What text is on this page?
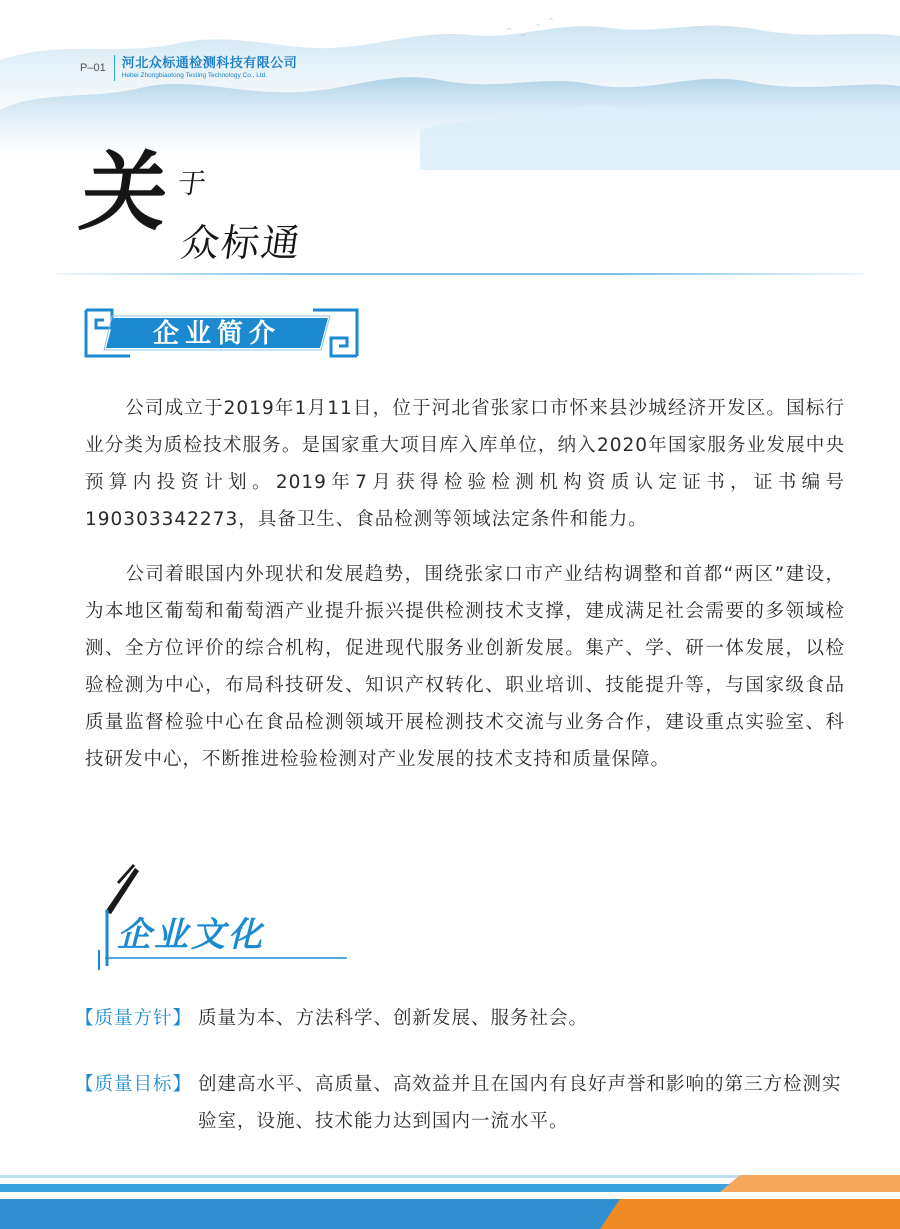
P–01 河北众标通检测科技有限公司
Hebei Zhongbiaotong Testing Technology Co., Ltd.
关 于
众标通
企业简介
公司成立于2019年1月11日，位于河北省张家口市怀来县沙城经济开发区。国标行业分类为质检技术服务。是国家重大项目库入库单位，纳入2020年国家服务业发展中央预算内投资计划。2019年7月获得检验检测机构资质认定证书，证书编号190303342273，具备卫生、食品检测等领域法定条件和能力。
公司着眼国内外现状和发展趋势，围绕张家口市产业结构调整和首都“两区”建设，为本地区葡萄和葡萄酒产业提升振兴提供检测技术支撑，建成满足社会需要的多领域检测、全方位评价的综合机构，促进现代服务业创新发展。集产、学、研一体发展，以检验检测为中心，布局科技研发、知识产权转化、职业培训、技能提升等，与国家级食品质量监督检验中心在食品检测领域开展检测技术交流与业务合作，建设重点实验室、科技研发中心，不断推进检验检测对产业发展的技术支持和质量保障。
企业文化
【质量方针】 质量为本、方法科学、创新发展、服务社会。
【质量目标】 创建高水平、高质量、高效益并且在国内有良好声誉和影响的第三方检测实验室，设施、技术能力达到国内一流水平。
